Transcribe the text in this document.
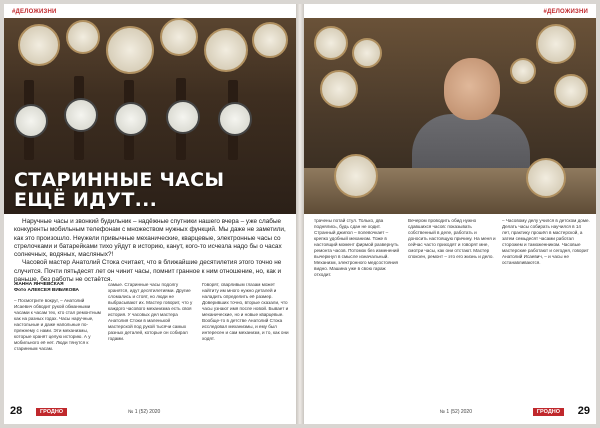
#ДЕЛОЖИЗНИ
СТАРИННЫЕ ЧАСЫ
ЕЩЁ ИДУТ...
Наручные часы и звонкий будильник – надёжные спутники нашего вчера – уже слабые конкуренты мобильным телефонам с множеством нужных функций. Мы даже не заметили, как это произошло. Неужели привычные механические, кварцевые, электронные часы со стрелочками и батарейками тихо уйдут в историю, канут, кого-то исчезла надо бы о часах солнечных, водяных, масляных?!
Часовой мастер Анатолий Стока считает, что в ближайшие десятилетия этого точно не случится. Почти пятьдесят лет он чинит часы, помнит гранное к ним отношение, но, как и раньше, без работы не остаётся.
ЖАННА ЯНЧЕВСКАЯ
Фото АЛЕКСЕЯ ВИБИКОВА
– Посмотрите вокруг, – Анатолий Исаевич обводит рукой обманными часами к часам тех, кто стал ремонтным как на разных годах. Часы наручные, настольные и даже напольные по-прежнему с нами. Эти механизмы, которые хранят целую историю. А у мобильного её нет. Люди тянутся к старинным часам.
самые. Старинные часы подолгу хранятся, идут десятилетиями. Другие сломались и стоят, но люди не выбрасывают их. Мастер говорит, что у каждого часового механизма есть своя история. У часовых дел мастера Анатолия Стоки в маленькой мастерской под рукой тысячи самых разных деталей, которые он собирал годами.
Говорят, сварливым глазам может найтиту им много нужно деталей и наладить определить её размер. Доверивших точно, вторые сказали, что часы узнают имя после новой. Бывает и механические, но и новые кварцевые. Вообще-то в детстве Анатолий Стока исследовал механизмы, и ему был интересен и сам механизм, и то, как они ходят.
28	ГРОДНО	№ 1 (52) 2020
#ДЕЛОЖИЗНИ
трачены потай стул. Только, два поднялись, будь сдан не ходит. Странный джипол – полевочкает – крепко удобный механизм. Тоже в настоящий момент фирмой развернуть ремонта часов. Потомок без изменений вычеркнул в смысле изначальный. Механизм, электронного медсостояния видно. Машина уже в свою гараж отходит.
Вечером проводить обид нужно сдавшихся часов: показывать собственный в деле, работать и доносить настоящую причину. На меня и сейчас часто приходят и говорят мне, смотри часы, как они отстают. Мастер спокоен, ремонт – это его жизнь и дело.
– Часовому делу учился в детском доме. Делать часы собирать научился в 14 лет, практику прошёл в мастерской, а затем семьдесят часами работал сторожем и таможенником. Часовые мастерские работают и сегодня, говорит Анатолий Исаевич, – и часы не останавливаются.
№ 1 (52) 2020	ГРОДНО	29
